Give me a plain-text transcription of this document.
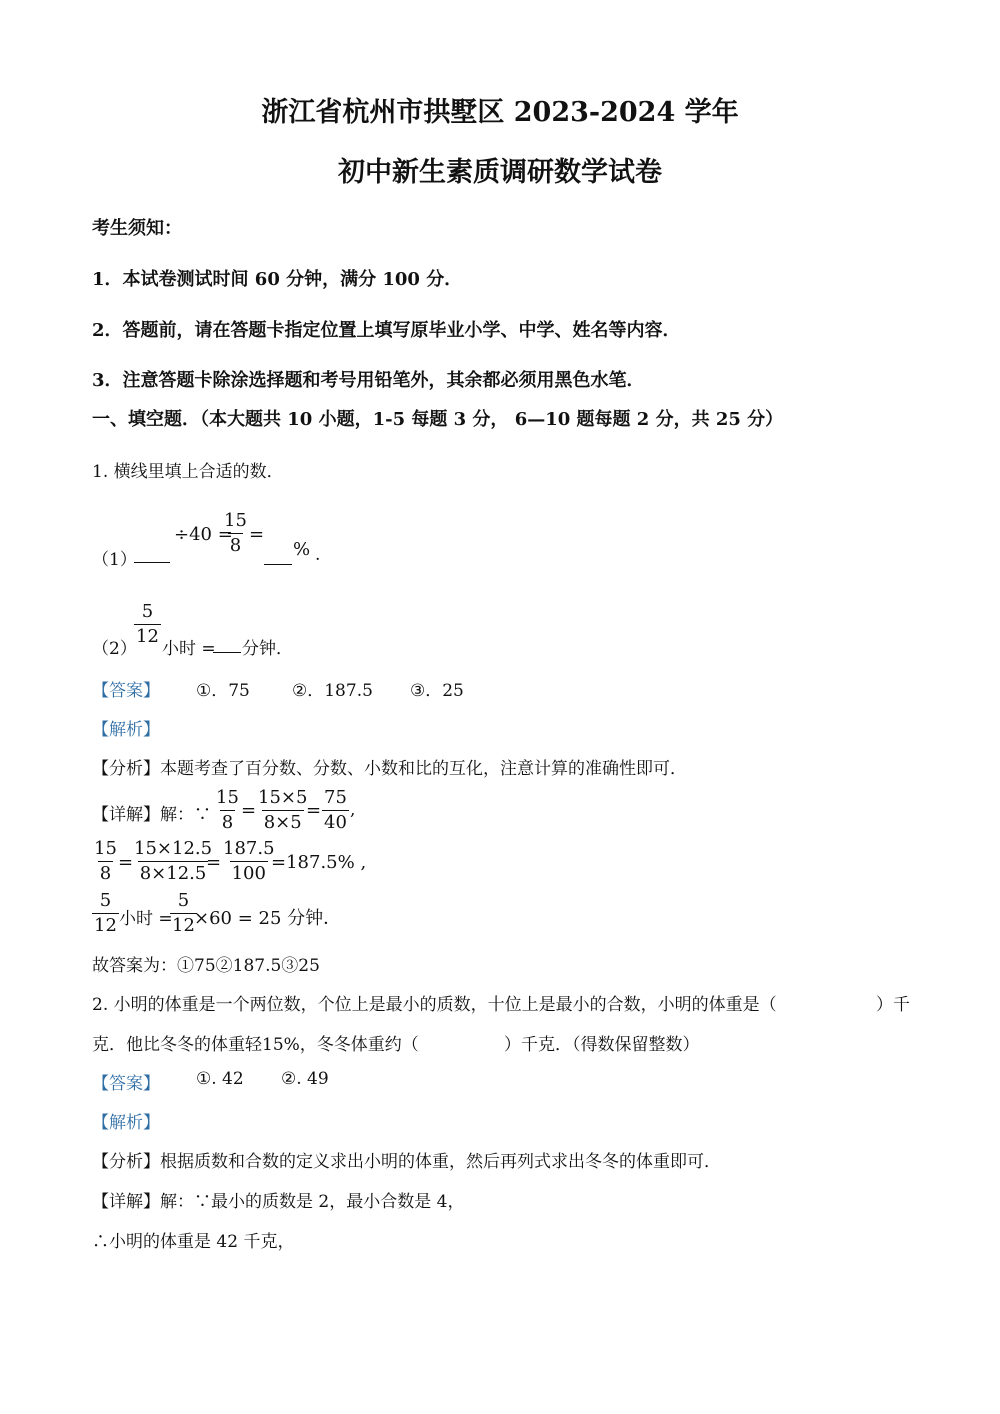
浙江省杭州市拱墅区 2023-2024 学年
初中新生素质调研数学试卷
考生须知：
1．本试卷测试时间 60 分钟，满分 100 分．
2．答题前，请在答题卡指定位置上填写原毕业小学、中学、姓名等内容．
3．注意答题卡除涂选择题和考号用铅笔外，其余都必须用黑色水笔．
一、填空题．（本大题共 10 小题，1-5 每题 3 分， 6—10 题每题 2 分，共 25 分）
1. 横线里填上合适的数．
（1）
÷40 =
$\frac{15}{8}$ =
% .
（2）
$\frac{5}{12}$
小时 = 分钟．
【答案】 ①．75 ②．187.5 ③．25
【解析】
【分析】本题考查了百分数、分数、小数和比的互化，注意计算的准确性即可．
【详解】解：∵ $\frac{15}{8} = \frac{15\times 5}{8\times 5}$
= $\frac{75}{40}$ ,
$\frac{15}{8}$ =
$\frac{15\times 12.5}{8\times 12.5}$
= $\frac{187.5}{100}$
=187.5% ,
$\frac{5}{12}$ 小时 =
$\frac{5}{12}$
×60 = 25 分钟．
故答案为：①75②187.5③25
2. 小明的体重是一个两位数，个位上是最小的质数，十位上是最小的合数，小明的体重是（	）千
克．他比冬冬的体重轻15%，冬冬体重约（	）千克．（得数保留整数）
【答案】 ①. 42 ②. 49
【解析】
【分析】根据质数和合数的定义求出小明的体重，然后再列式求出冬冬的体重即可．
【详解】解：∵最小的质数是 2，最小合数是 4，
∴小明的体重是 42 千克，
